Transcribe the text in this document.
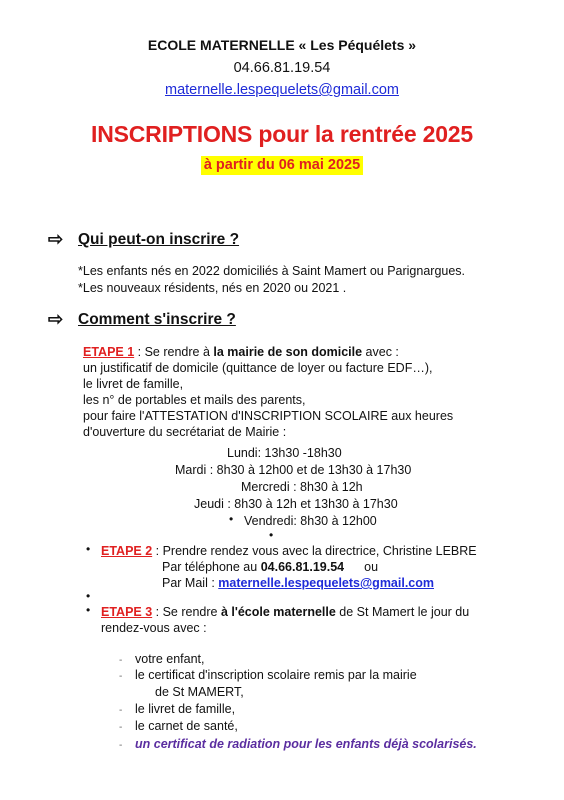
ECOLE MATERNELLE « Les Péquélets »
04.66.81.19.54
maternelle.lespequelets@gmail.com
INSCRIPTIONS pour la rentrée 2025
à partir du 06 mai 2025
⇨ Qui peut-on inscrire ?
*Les enfants nés en 2022 domiciliés à Saint Mamert ou Parignargues.
*Les nouveaux résidents, nés en 2020 ou 2021 .
⇨ Comment s'inscrire ?
ETAPE 1 : Se rendre à la mairie de son domicile avec :
un justificatif de domicile (quittance de loyer ou facture EDF…),
le livret de famille,
les n° de portables et mails des parents,
pour faire l'ATTESTATION d'INSCRIPTION SCOLAIRE aux heures
d'ouverture du secrétariat de Mairie :
Lundi: 13h30 -18h30
Mardi : 8h30 à 12h00 et de 13h30 à 17h30
Mercredi : 8h30 à 12h
Jeudi : 8h30 à 12h et 13h30 à 17h30
• Vendredi: 8h30 à 12h00
•
• ETAPE 2 : Prendre rendez vous avec la directrice, Christine LEBRE
Par téléphone au 04.66.81.19.54 ou
Par Mail : maternelle.lespequelets@gmail.com
•
• ETAPE 3 : Se rendre à l'école maternelle de St Mamert le jour du
rendez-vous avec :
- votre enfant,
- le certificat d'inscription scolaire remis par la mairie
de St MAMERT,
- le livret de famille,
- le carnet de santé,
- un certificat de radiation pour les enfants déjà scolarisés.
